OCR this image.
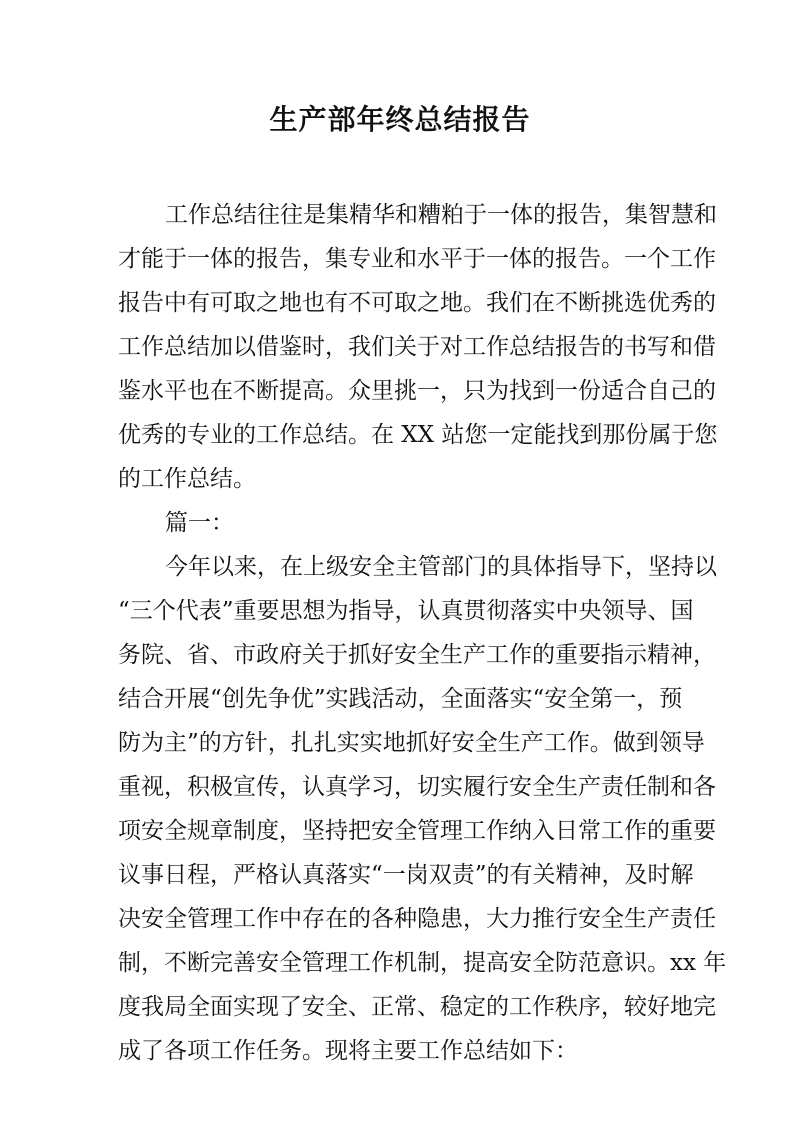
生产部年终总结报告
工作总结往往是集精华和糟粕于一体的报告，集智慧和
才能于一体的报告，集专业和水平于一体的报告。一个工作
报告中有可取之地也有不可取之地。我们在不断挑选优秀的
工作总结加以借鉴时，我们关于对工作总结报告的书写和借
鉴水平也在不断提高。众里挑一，只为找到一份适合自己的
优秀的专业的工作总结。在 XX 站您一定能找到那份属于您
的工作总结。
篇一：
今年以来，在上级安全主管部门的具体指导下，坚持以
“三个代表”重要思想为指导，认真贯彻落实中央领导、国
务院、省、市政府关于抓好安全生产工作的重要指示精神，
结合开展“创先争优”实践活动，全面落实“安全第一，预
防为主”的方针，扎扎实实地抓好安全生产工作。做到领导
重视，积极宣传，认真学习，切实履行安全生产责任制和各
项安全规章制度，坚持把安全管理工作纳入日常工作的重要
议事日程，严格认真落实“一岗双责”的有关精神，及时解
决安全管理工作中存在的各种隐患，大力推行安全生产责任
制，不断完善安全管理工作机制，提高安全防范意识。xx 年
度我局全面实现了安全、正常、稳定的工作秩序，较好地完
成了各项工作任务。现将主要工作总结如下：
